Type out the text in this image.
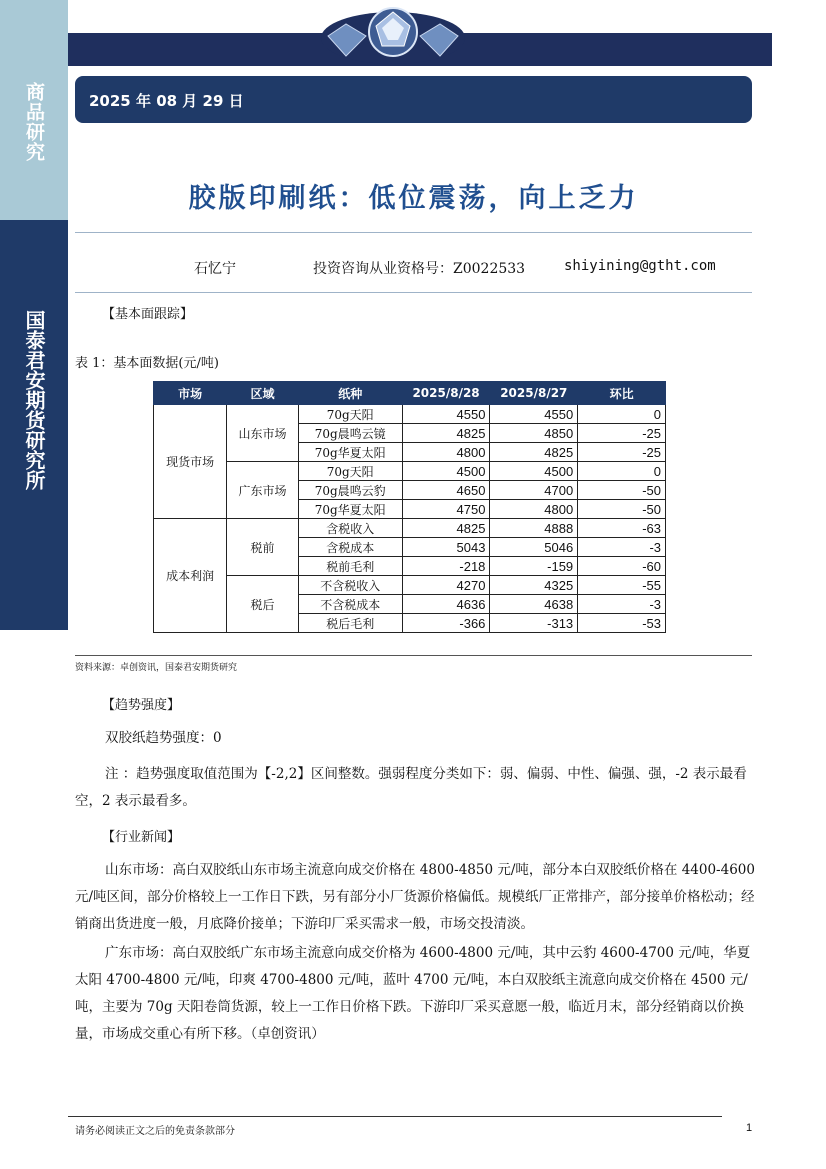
商品研究
国泰君安期货研究所
2025 年 08 月 29 日
胶版印刷纸：低位震荡，向上乏力
石忆宁	投资咨询从业资格号：Z0022533	shiyining@gtht.com
【基本面跟踪】
表 1：基本面数据(元/吨)
市场	区域	纸种	2025/8/28	2025/8/27	环比
现货市场	山东市场	70g天阳	4550	4550	0
		70g晨鸣云镜	4825	4850	-25
		70g华夏太阳	4800	4825	-25
	广东市场	70g天阳	4500	4500	0
		70g晨鸣云豹	4650	4700	-50
		70g华夏太阳	4750	4800	-50
成本利润	税前	含税收入	4825	4888	-63
		含税成本	5043	5046	-3
		税前毛利	-218	-159	-60
	税后	不含税收入	4270	4325	-55
		不含税成本	4636	4638	-3
		税后毛利	-366	-313	-53
资料来源：卓创资讯，国泰君安期货研究
【趋势强度】
双胶纸趋势强度：0
注 ：趋势强度取值范围为【-2,2】区间整数。强弱程度分类如下：弱、偏弱、中性、偏强、强，-2 表示最看空，2 表示最看多。
【行业新闻】
山东市场：高白双胶纸山东市场主流意向成交价格在 4800-4850 元/吨，部分本白双胶纸价格在 4400-4600 元/吨区间，部分价格较上一工作日下跌，另有部分小厂货源价格偏低。规模纸厂正常排产，部分接单价格松动；经销商出货进度一般，月底降价接单；下游印厂采买需求一般，市场交投清淡。
广东市场：高白双胶纸广东市场主流意向成交价格为 4600-4800 元/吨，其中云豹 4600-4700 元/吨，华夏太阳 4700-4800 元/吨，印爽 4700-4800 元/吨，蓝叶 4700 元/吨，本白双胶纸主流意向成交价格在 4500 元/吨，主要为 70g 天阳卷筒货源，较上一工作日价格下跌。下游印厂采买意愿一般，临近月末，部分经销商以价换量，市场成交重心有所下移。（卓创资讯）
请务必阅读正文之后的免责条款部分	1
